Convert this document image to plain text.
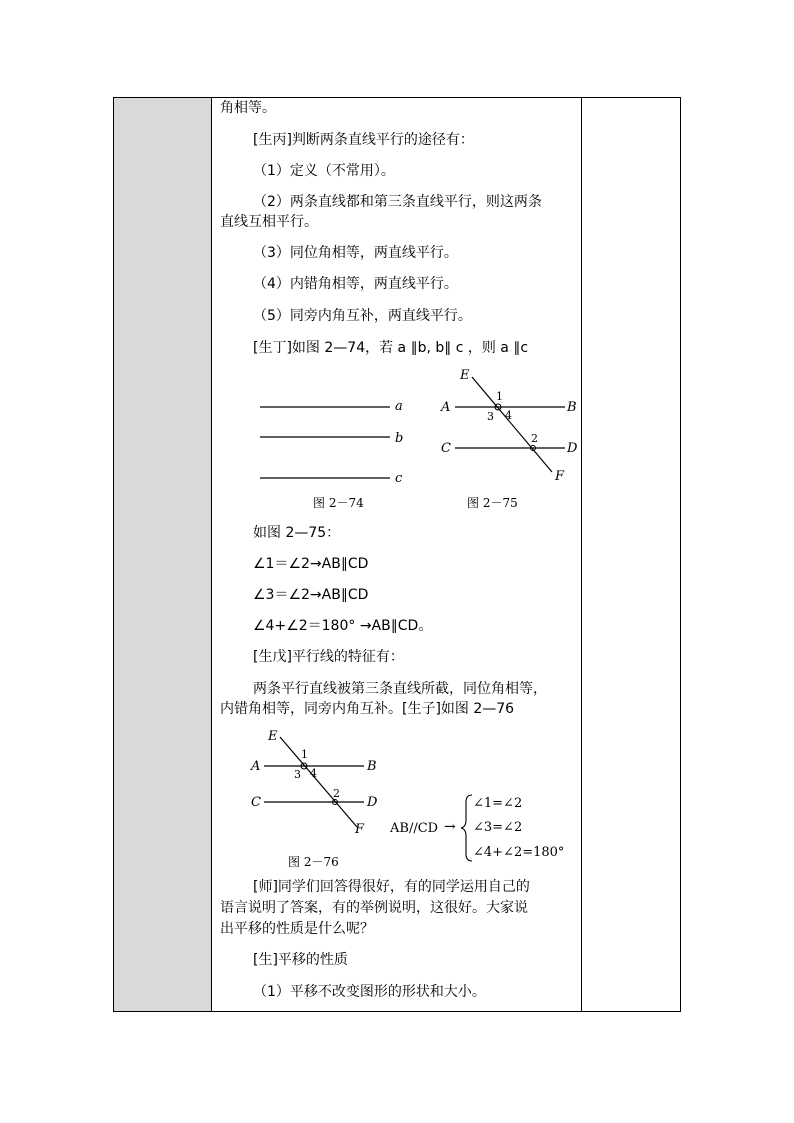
角相等。
[生丙]判断两条直线平行的途径有：
（1）定义（不常用）。
（2）两条直线都和第三条直线平行，则这两条
直线互相平行。
（3）同位角相等，两直线平行。
（4）内错角相等，两直线平行。
（5）同旁内角互补，两直线平行。
[生丁]如图 2—74，若 a ∥b, b∥ c ，则 a ∥c
a
b
c
图 2－74
E
A	B
C	D
F
1
3 4
2
图 2－75
如图 2—75：
∠1＝∠2→AB∥CD
∠3＝∠2→AB∥CD
∠4+∠2＝180° →AB∥CD。
[生戊]平行线的特征有：
两条平行直线被第三条直线所截，同位角相等，
内错角相等，同旁内角互补。[生子]如图 2—76
E
A	B
C	D
F
1
3 4
2
图 2－76
AB//CD →
∠1=∠2
∠3=∠2
∠4+∠2=180°
[师]同学们回答得很好，有的同学运用自己的
语言说明了答案，有的举例说明，这很好。大家说
出平移的性质是什么呢？
[生]平移的性质
（1）平移不改变图形的形状和大小。
